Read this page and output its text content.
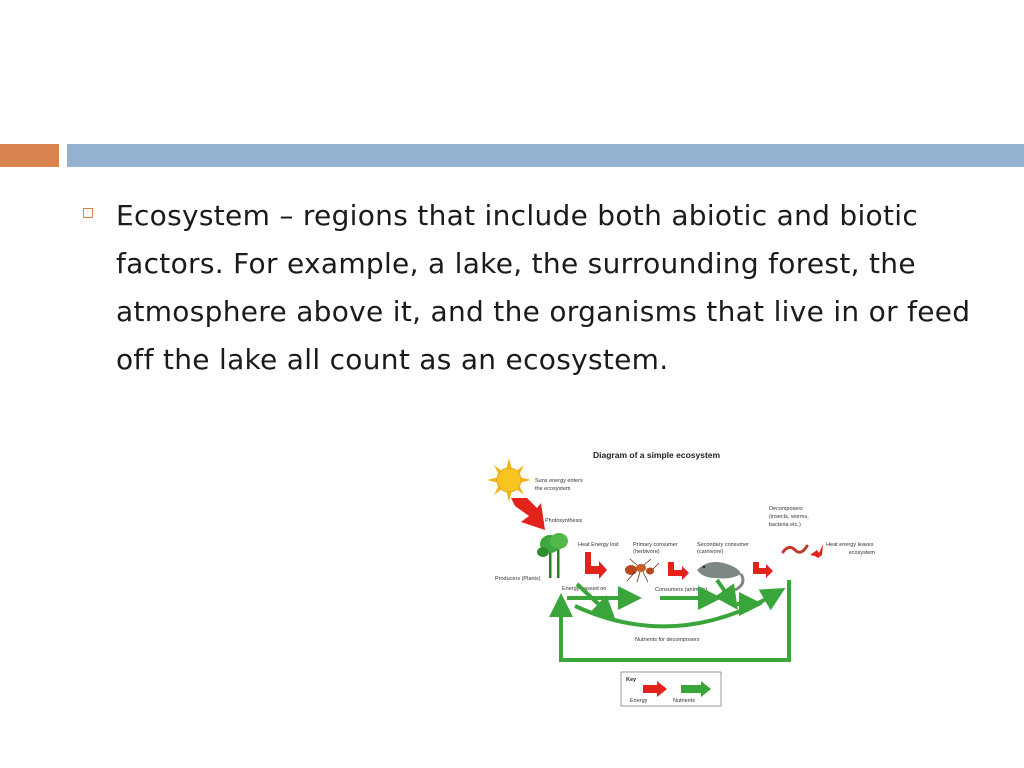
Ecosystem – regions that include both abiotic and biotic factors. For example, a lake, the surrounding forest, the atmosphere above it, and the organisms that live in or feed off the lake all count as an ecosystem.

Diagram of a simple ecosystem
Suns energy enters the ecosystem
Photosynthesis
Producers (Plants)
Heat Energy lost	Primary consumer (herbivore)
Secondary consumer (carnivore)
Decomposers (insects, worms, bacteria etc.)
Heat energy leaves ecosystem
Energy passed on	Consumers (animals)
Nutrients for decomposers
Key
Energy	Nutrients
